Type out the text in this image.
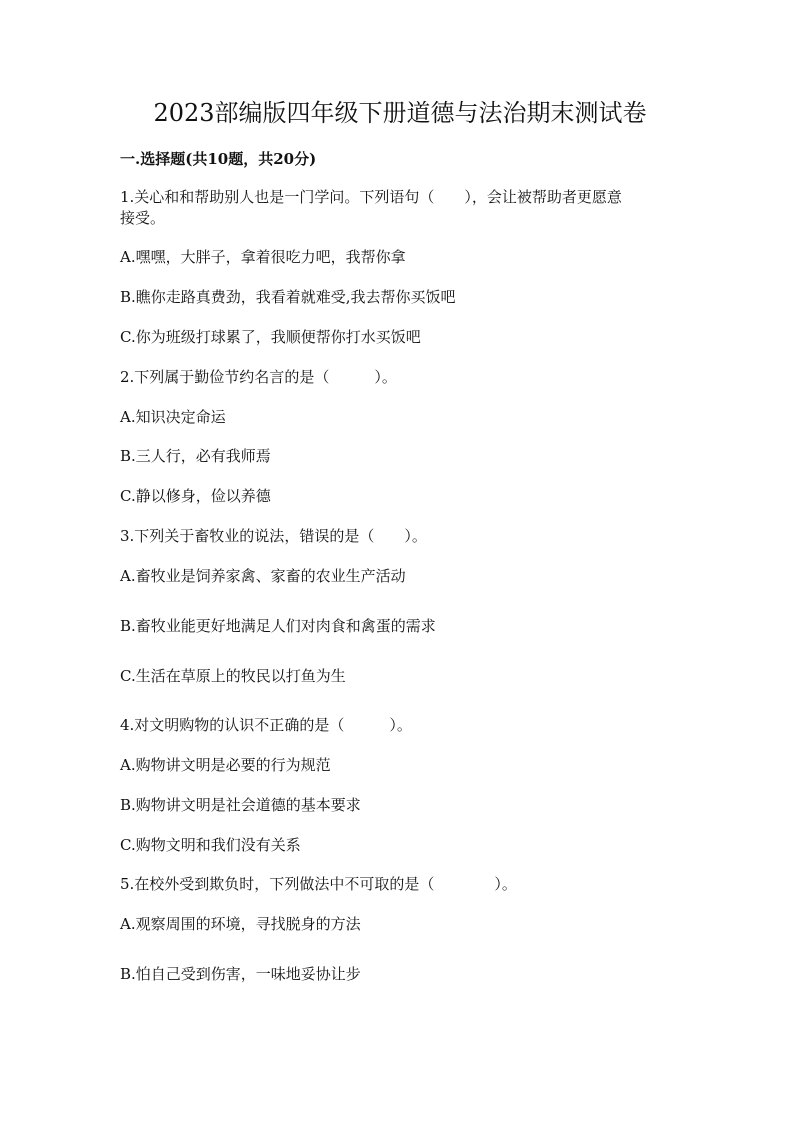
2023部编版四年级下册道德与法治期末测试卷
一.选择题(共10题，共20分)

1.关心和和帮助别人也是一门学问。下列语句（　　），会让被帮助者更愿意

接受。

A.嘿嘿，大胖子，拿着很吃力吧，我帮你拿

B.瞧你走路真费劲，我看着就难受,我去帮你买饭吧

C.你为班级打球累了，我顺便帮你打水买饭吧

2.下列属于勤俭节约名言的是（　　　）。

A.知识决定命运

B.三人行，必有我师焉

C.静以修身，俭以养德

3.下列关于畜牧业的说法，错误的是（　　）。

A.畜牧业是饲养家禽、家畜的农业生产活动

B.畜牧业能更好地满足人们对肉食和禽蛋的需求

C.生活在草原上的牧民以打鱼为生

4.对文明购物的认识不正确的是（　　　）。

A.购物讲文明是必要的行为规范

B.购物讲文明是社会道德的基本要求

C.购物文明和我们没有关系

5.在校外受到欺负时，下列做法中不可取的是（　　　　）。

A.观察周围的环境，寻找脱身的方法

B.怕自己受到伤害，一味地妥协让步
